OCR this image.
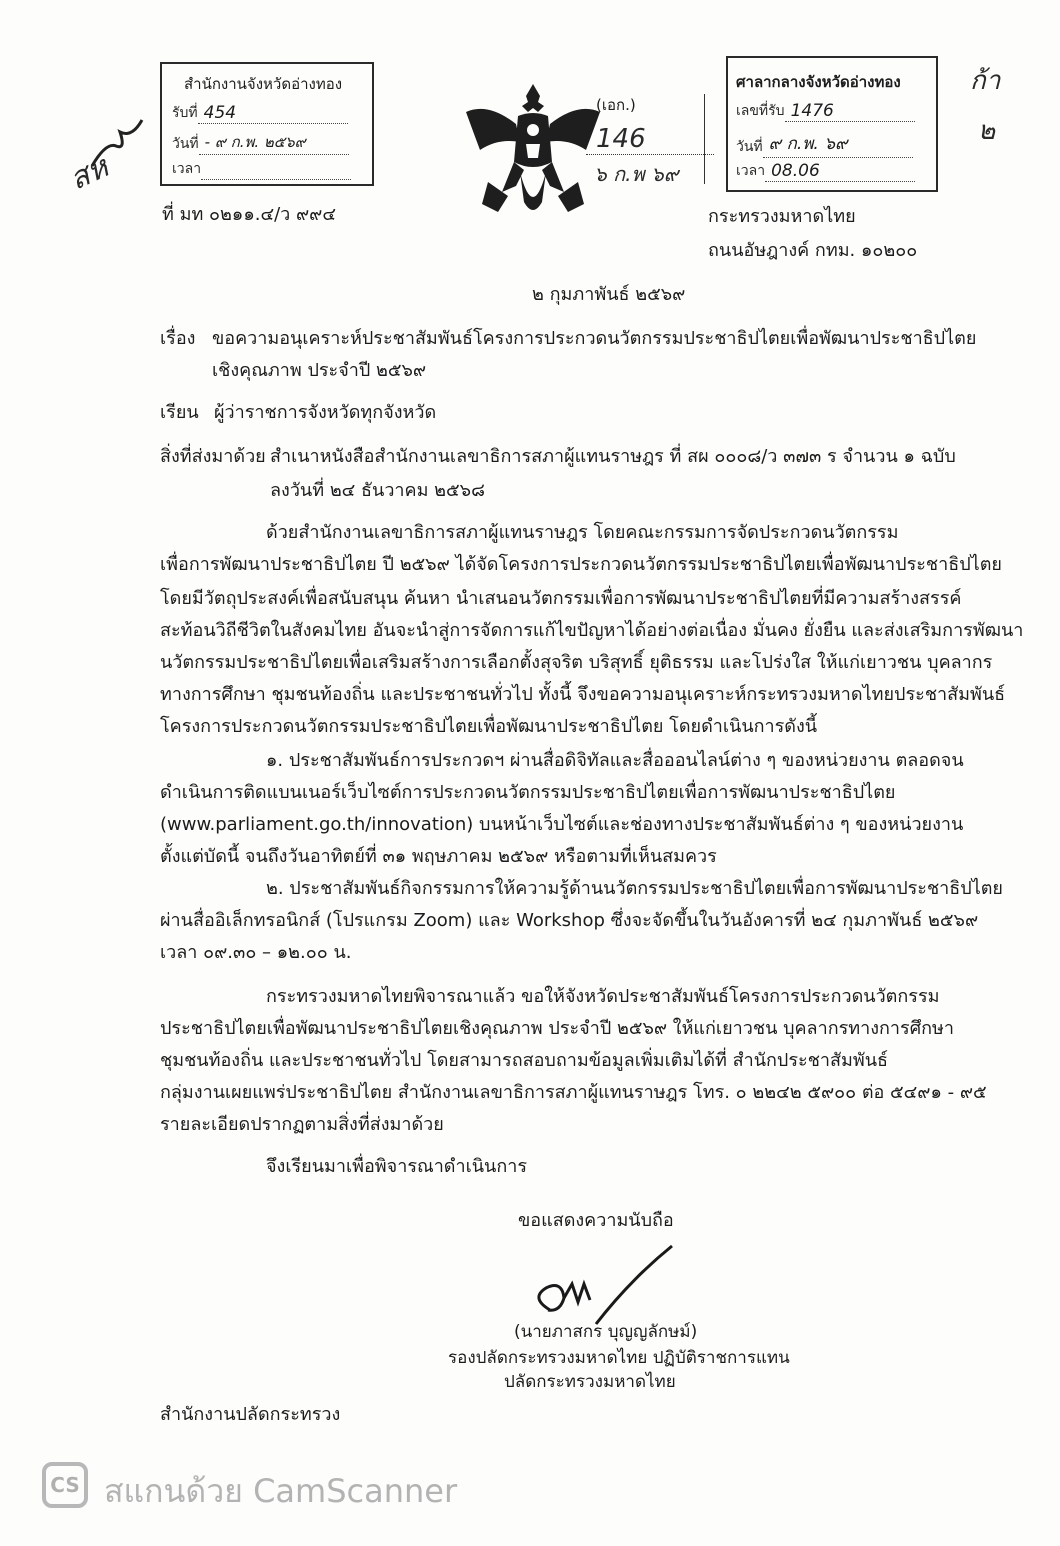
สำนักงานจังหวัดอ่างทอง
รับที่ 454
วันที่ - ๙ ก.พ. ๒๕๖๙
เวลา
(เอก.)
146
๖ ก.พ ๖๙
ศาลากลางจังหวัดอ่างทอง
เลขที่รับ 1476
วันที่ ๙ ก.พ. ๖๙
เวลา 08.06
ก้า
๒
สห
ที่ มท ๐๒๑๑.๔/ว ๙๙๔	กระทรวงมหาดไทย
ถนนอัษฎางค์ กทม. ๑๐๒๐๐
๒ กุมภาพันธ์ ๒๕๖๙
เรื่อง ขอความอนุเคราะห์ประชาสัมพันธ์โครงการประกวดนวัตกรรมประชาธิปไตยเพื่อพัฒนาประชาธิปไตย
เชิงคุณภาพ ประจำปี ๒๕๖๙
เรียน ผู้ว่าราชการจังหวัดทุกจังหวัด
สิ่งที่ส่งมาด้วย สำเนาหนังสือสำนักงานเลขาธิการสภาผู้แทนราษฎร ที่ สผ ๐๐๐๘/ว ๓๗๓ ร จำนวน ๑ ฉบับ
ลงวันที่ ๒๔ ธันวาคม ๒๕๖๘
ด้วยสำนักงานเลขาธิการสภาผู้แทนราษฎร โดยคณะกรรมการจัดประกวดนวัตกรรม
เพื่อการพัฒนาประชาธิปไตย ปี ๒๕๖๙ ได้จัดโครงการประกวดนวัตกรรมประชาธิปไตยเพื่อพัฒนาประชาธิปไตย
โดยมีวัตถุประสงค์เพื่อสนับสนุน ค้นหา นำเสนอนวัตกรรมเพื่อการพัฒนาประชาธิปไตยที่มีความสร้างสรรค์
สะท้อนวิถีชีวิตในสังคมไทย อันจะนำสู่การจัดการแก้ไขปัญหาได้อย่างต่อเนื่อง มั่นคง ยั่งยืน และส่งเสริมการพัฒนา
นวัตกรรมประชาธิปไตยเพื่อเสริมสร้างการเลือกตั้งสุจริต บริสุทธิ์ ยุติธรรม และโปร่งใส ให้แก่เยาวชน บุคลากร
ทางการศึกษา ชุมชนท้องถิ่น และประชาชนทั่วไป ทั้งนี้ จึงขอความอนุเคราะห์กระทรวงมหาดไทยประชาสัมพันธ์
โครงการประกวดนวัตกรรมประชาธิปไตยเพื่อพัฒนาประชาธิปไตย โดยดำเนินการดังนี้
๑. ประชาสัมพันธ์การประกวดฯ ผ่านสื่อดิจิทัลและสื่อออนไลน์ต่าง ๆ ของหน่วยงาน ตลอดจน
ดำเนินการติดแบนเนอร์เว็บไซต์การประกวดนวัตกรรมประชาธิปไตยเพื่อการพัฒนาประชาธิปไตย
(www.parliament.go.th/innovation) บนหน้าเว็บไซต์และช่องทางประชาสัมพันธ์ต่าง ๆ ของหน่วยงาน
ตั้งแต่บัดนี้ จนถึงวันอาทิตย์ที่ ๓๑ พฤษภาคม ๒๕๖๙ หรือตามที่เห็นสมควร
๒. ประชาสัมพันธ์กิจกรรมการให้ความรู้ด้านนวัตกรรมประชาธิปไตยเพื่อการพัฒนาประชาธิปไตย
ผ่านสื่ออิเล็กทรอนิกส์ (โปรแกรม Zoom) และ Workshop ซึ่งจะจัดขึ้นในวันอังคารที่ ๒๔ กุมภาพันธ์ ๒๕๖๙
เวลา ๐๙.๓๐ – ๑๒.๐๐ น.
กระทรวงมหาดไทยพิจารณาแล้ว ขอให้จังหวัดประชาสัมพันธ์โครงการประกวดนวัตกรรม
ประชาธิปไตยเพื่อพัฒนาประชาธิปไตยเชิงคุณภาพ ประจำปี ๒๕๖๙ ให้แก่เยาวชน บุคลากรทางการศึกษา
ชุมชนท้องถิ่น และประชาชนทั่วไป โดยสามารถสอบถามข้อมูลเพิ่มเติมได้ที่ สำนักประชาสัมพันธ์
กลุ่มงานเผยแพร่ประชาธิปไตย สำนักงานเลขาธิการสภาผู้แทนราษฎร โทร. ๐ ๒๒๔๒ ๕๙๐๐ ต่อ ๕๔๙๑ - ๙๕
รายละเอียดปรากฏตามสิ่งที่ส่งมาด้วย
จึงเรียนมาเพื่อพิจารณาดำเนินการ
ขอแสดงความนับถือ
(นายภาสกร บุญญลักษม์)
รองปลัดกระทรวงมหาดไทย ปฏิบัติราชการแทน
ปลัดกระทรวงมหาดไทย
สำนักงานปลัดกระทรวง
CS สแกนด้วย CamScanner
